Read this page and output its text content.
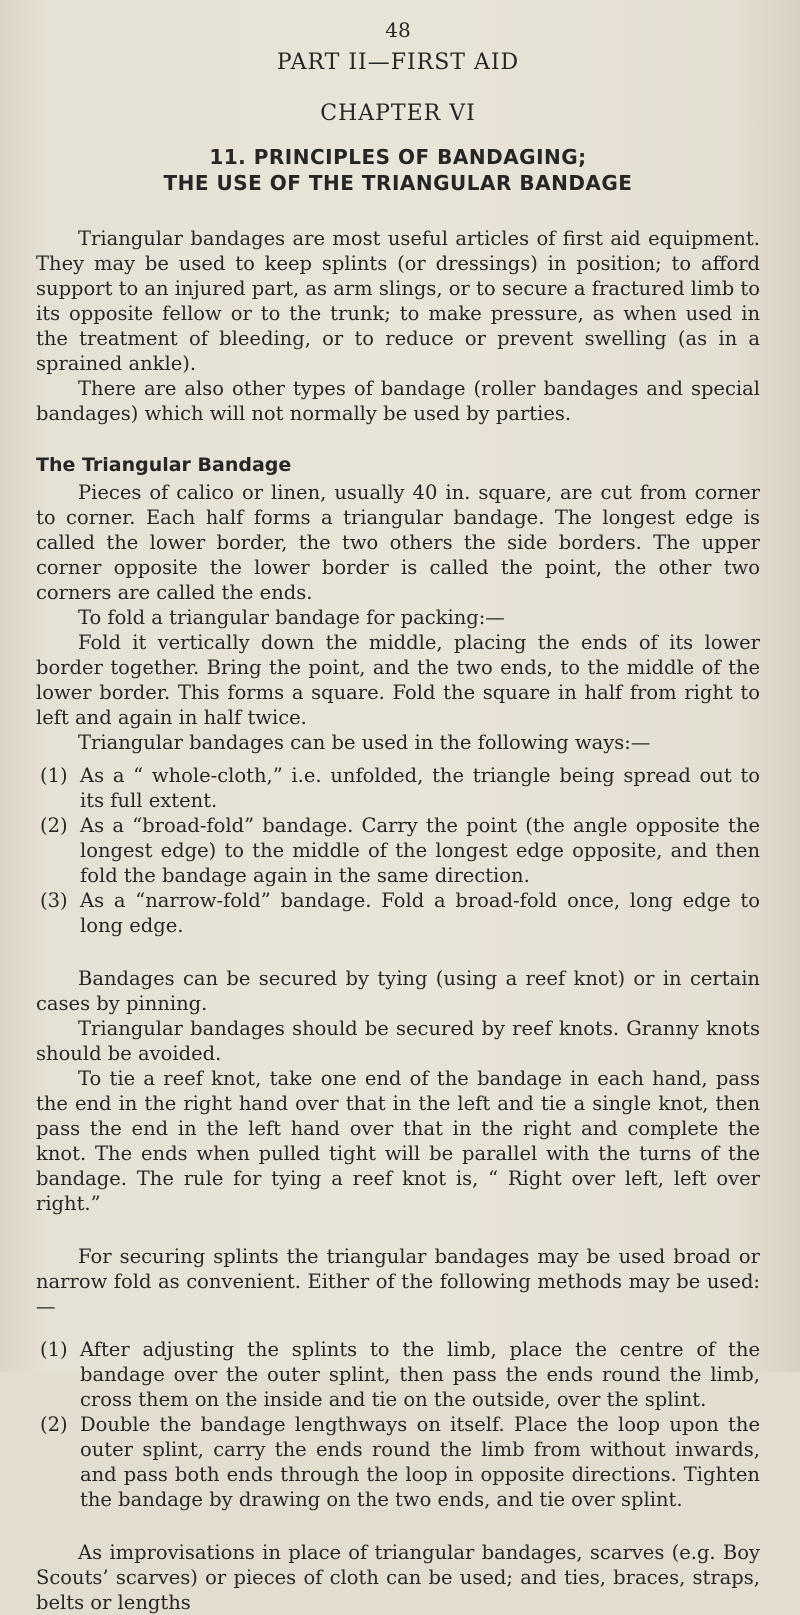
48
PART II—FIRST AID
CHAPTER VI
11. PRINCIPLES OF BANDAGING;
THE USE OF THE TRIANGULAR BANDAGE

Triangular bandages are most useful articles of first aid equipment. They may be used to keep splints (or dressings) in position; to afford support to an injured part, as arm slings, or to secure a fractured limb to its opposite fellow or to the trunk; to make pressure, as when used in the treatment of bleeding, or to reduce or prevent swelling (as in a sprained ankle).

There are also other types of bandage (roller bandages and special bandages) which will not normally be used by parties.

The Triangular Bandage

Pieces of calico or linen, usually 40 in. square, are cut from corner to corner. Each half forms a triangular bandage. The longest edge is called the lower border, the two others the side borders. The upper corner opposite the lower border is called the point, the other two corners are called the ends.

To fold a triangular bandage for packing:—

Fold it vertically down the middle, placing the ends of its lower border together. Bring the point, and the two ends, to the middle of the lower border. This forms a square. Fold the square in half from right to left and again in half twice.

Triangular bandages can be used in the following ways:—

(1) As a “ whole-cloth,” i.e. unfolded, the triangle being spread out to its full extent.
(2) As a “broad-fold” bandage. Carry the point (the angle opposite the longest edge) to the middle of the longest edge opposite, and then fold the bandage again in the same direction.
(3) As a “narrow-fold” bandage. Fold a broad-fold once, long edge to long edge.

Bandages can be secured by tying (using a reef knot) or in certain cases by pinning.

Triangular bandages should be secured by reef knots. Granny knots should be avoided.

To tie a reef knot, take one end of the bandage in each hand, pass the end in the right hand over that in the left and tie a single knot, then pass the end in the left hand over that in the right and complete the knot. The ends when pulled tight will be parallel with the turns of the bandage. The rule for tying a reef knot is, “ Right over left, left over right.”

For securing splints the triangular bandages may be used broad or narrow fold as convenient. Either of the following methods may be used:—

(1) After adjusting the splints to the limb, place the centre of the bandage over the outer splint, then pass the ends round the limb, cross them on the inside and tie on the outside, over the splint.
(2) Double the bandage lengthways on itself. Place the loop upon the outer splint, carry the ends round the limb from without inwards, and pass both ends through the loop in opposite directions. Tighten the bandage by drawing on the two ends, and tie over splint.

As improvisations in place of triangular bandages, scarves (e.g. Boy Scouts’ scarves) or pieces of cloth can be used; and ties, braces, straps, belts or lengths
